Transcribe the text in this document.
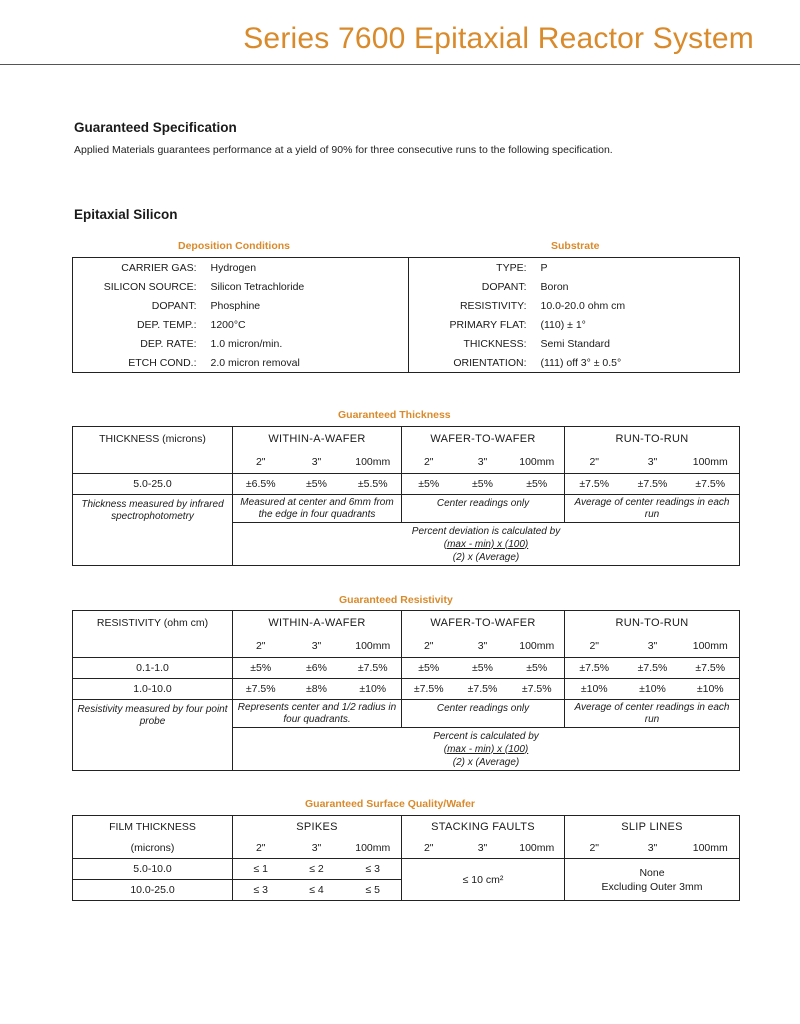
Series 7600 Epitaxial Reactor System
Guaranteed Specification

Applied Materials guarantees performance at a yield of 90% for three consecutive runs to the following specification.

Epitaxial Silicon
Deposition Conditions	Substrate
CARRIER GAS:	Hydrogen	TYPE:	P
SILICON SOURCE:	Silicon Tetrachloride	DOPANT:	Boron
DOPANT:	Phosphine	RESISTIVITY:	10.0-20.0 ohm cm
DEP. TEMP.:	1200°C	PRIMARY FLAT:	(110) ± 1°
DEP. RATE:	1.0 micron/min.	THICKNESS:	Semi Standard
ETCH COND.:	2.0 micron removal	ORIENTATION:	(111) off 3° ± 0.5°
Guaranteed Thickness
THICKNESS (microns)	WITHIN-A-WAFER			WAFER-TO-WAFER			RUN-TO-RUN		
	2"	3"	100mm	2"	3"	100mm	2"	3"	100mm
5.0-25.0	±6.5%	±5%	±5.5%	±5%	±5%	±5%	±7.5%	±7.5%	±7.5%
Thickness measured by infrared spectrophotometry	Measured at center and 6mm from the edge in four quadrants			Center readings only			Average of center readings in each run		

	Percent deviation is calculated by
(max - min) x (100)
(2) x (Average)								
Guaranteed Resistivity
RESISTIVITY (ohm cm)	WITHIN-A-WAFER			WAFER-TO-WAFER			RUN-TO-RUN		
	2"	3"	100mm	2"	3"	100mm	2"	3"	100mm
0.1-1.0	±5%	±6%	±7.5%	±5%	±5%	±5%	±7.5%	±7.5%	±7.5%
1.0-10.0	±7.5%	±8%	±10%	±7.5%	±7.5%	±7.5%	±10%	±10%	±10%
Resistivity measured by four point probe	Represents center and 1/2 radius in four quadrants.			Center readings only			Average of center readings in each run		

	Percent is calculated by
(max - min) x (100)
(2) x (Average)								
Guaranteed Surface Quality/Wafer
FILM THICKNESS	SPIKES			STACKING FAULTS			SLIP LINES		
(microns)	2"	3"	100mm	2"	3"	100mm	2"	3"	100mm
5.0-10.0	≤ 1	≤ 2	≤ 3	≤ 10 cm²			None
Excluding Outer 3mm		

10.0-25.0	≤ 3	≤ 4	≤ 5						
